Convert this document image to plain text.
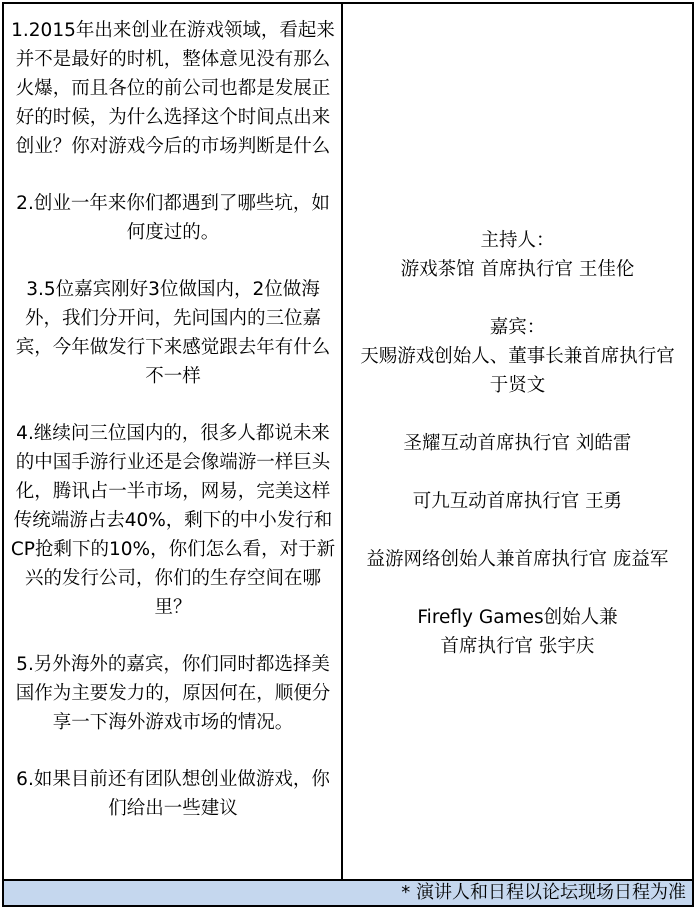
1.2015年出来创业在游戏领域，看起来并不是最好的时机，整体意见没有那么火爆，而且各位的前公司也都是发展正好的时候，为什么选择这个时间点出来创业？你对游戏今后的市场判断是什么

2.创业一年来你们都遇到了哪些坑，如何度过的。

3.5位嘉宾刚好3位做国内，2位做海外，我们分开问，先问国内的三位嘉宾，今年做发行下来感觉跟去年有什么不一样

4.继续问三位国内的，很多人都说未来的中国手游行业还是会像端游一样巨头化，腾讯占一半市场，网易，完美这样传统端游占去40%，剩下的中小发行和CP抢剩下的10%，你们怎么看，对于新兴的发行公司，你们的生存空间在哪里？

5.另外海外的嘉宾，你们同时都选择美国作为主要发力的，原因何在，顺便分享一下海外游戏市场的情况。

6.如果目前还有团队想创业做游戏，你们给出一些建议

主持人：
游戏茶馆 首席执行官 王佳伦
嘉宾：
天赐游戏创始人、董事长兼首席执行官
于贤文
圣耀互动首席执行官 刘皓雷
可九互动首席执行官 王勇
益游网络创始人兼首席执行官 庞益军
Firefly Games创始人兼
首席执行官 张宇庆
* 演讲人和日程以论坛现场日程为准
